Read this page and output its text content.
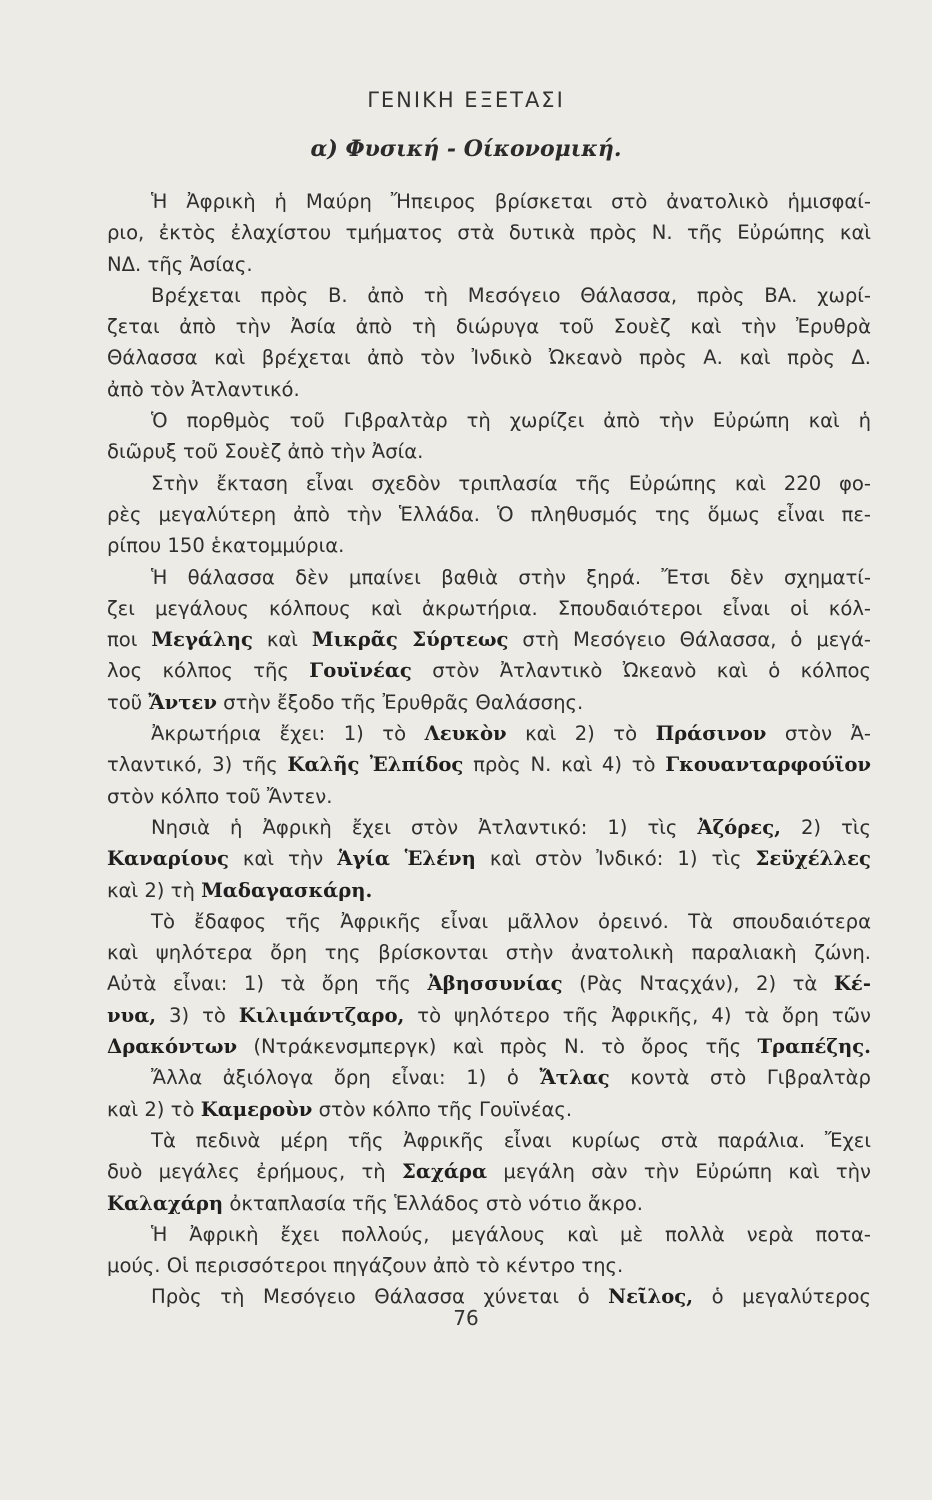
ΓΕΝΙΚΗ ΕΞΕΤΑΣΙ
α) Φυσική - Οίκονομική.
Ἡ Ἀφρικὴ ἡ Μαύρη Ἤπειρος βρίσκεται στὸ ἀνατολικὸ ἡμισφαί-
ριο, ἐκτὸς ἐλαχίστου τμήματος στὰ δυτικὰ πρὸς Ν. τῆς Εὐρώπης καὶ
ΝΔ. τῆς Ἀσίας.
Βρέχεται πρὸς Β. ἀπὸ τὴ Μεσόγειο Θάλασσα, πρὸς ΒΑ. χωρί-
ζεται ἀπὸ τὴν Ἀσία ἀπὸ τὴ διώρυγα τοῦ Σουὲζ καὶ τὴν Ἐρυθρὰ
Θάλασσα καὶ βρέχεται ἀπὸ τὸν Ἰνδικὸ Ὠκεανὸ πρὸς Α. καὶ πρὸς Δ.
ἀπὸ τὸν Ἀτλαντικό.
Ὁ πορθμὸς τοῦ Γιβραλτὰρ τὴ χωρίζει ἀπὸ τὴν Εὐρώπη καὶ ἡ
διῶρυξ τοῦ Σουὲζ ἀπὸ τὴν Ἀσία.
Στὴν ἔκταση εἶναι σχεδὸν τριπλασία τῆς Εὐρώπης καὶ 220 φο-
ρὲς μεγαλύτερη ἀπὸ τὴν Ἑλλάδα. Ὁ πληθυσμός της ὅμως εἶναι πε-
ρίπου 150 ἑκατομμύρια.
Ἡ θάλασσα δὲν μπαίνει βαθιὰ στὴν ξηρά. Ἔτσι δὲν σχηματί-
ζει μεγάλους κόλπους καὶ ἀκρωτήρια. Σπουδαιότεροι εἶναι οἱ κόλ-
ποι Μεγάλης καὶ Μικρᾶς Σύρτεως στὴ Μεσόγειο Θάλασσα, ὁ μεγά-
λος κόλπος τῆς Γουϊνέας στὸν Ἀτλαντικὸ Ὠκεανὸ καὶ ὁ κόλπος
τοῦ Ἄντεν στὴν ἔξοδο τῆς Ἐρυθρᾶς Θαλάσσης.
Ἀκρωτήρια ἔχει: 1) τὸ Λευκὸν καὶ 2) τὸ Πράσινον στὸν Ἀ-
τλαντικό, 3) τῆς Καλῆς Ἐλπίδος πρὸς Ν. καὶ 4) τὸ Γκουανταρφούϊον
στὸν κόλπο τοῦ Ἄντεν.
Νησιὰ ἡ Ἀφρικὴ ἔχει στὸν Ἀτλαντικό: 1) τὶς Ἀζόρες, 2) τὶς
Καναρίους καὶ τὴν Ἁγία Ἑλένη καὶ στὸν Ἰνδικό: 1) τὶς Σεϋχέλλες
καὶ 2) τὴ Μαδαγασκάρη.
Τὸ ἔδαφος τῆς Ἀφρικῆς εἶναι μᾶλλον ὀρεινό. Τὰ σπουδαιότερα
καὶ ψηλότερα ὄρη της βρίσκονται στὴν ἀνατολικὴ παραλιακὴ ζώνη.
Αὐτὰ εἶναι: 1) τὰ ὄρη τῆς Ἀβησσυνίας (Ρὰς Νταςχάν), 2) τὰ Κέ-
νυα, 3) τὸ Κιλιμάντζαρο, τὸ ψηλότερο τῆς Ἀφρικῆς, 4) τὰ ὄρη τῶν
Δρακόντων (Ντράκενσμπεργκ) καὶ πρὸς Ν. τὸ ὄρος τῆς Τραπέζης.
Ἄλλα ἀξιόλογα ὄρη εἶναι: 1) ὁ Ἄτλας κοντὰ στὸ Γιβραλτὰρ
καὶ 2) τὸ Καμεροὺν στὸν κόλπο τῆς Γουϊνέας.
Τὰ πεδινὰ μέρη τῆς Ἀφρικῆς εἶναι κυρίως στὰ παράλια. Ἔχει
δυὸ μεγάλες ἐρήμους, τὴ Σαχάρα μεγάλη σὰν τὴν Εὐρώπη καὶ τὴν
Καλαχάρη ὀκταπλασία τῆς Ἑλλάδος στὸ νότιο ἄκρο.
Ἡ Ἀφρικὴ ἔχει πολλούς, μεγάλους καὶ μὲ πολλὰ νερὰ ποτα-
μούς. Οἱ περισσότεροι πηγάζουν ἀπὸ τὸ κέντρο της.
Πρὸς τὴ Μεσόγειο Θάλασσα χύνεται ὁ Νεῖλος, ὁ μεγαλύτερος
76
